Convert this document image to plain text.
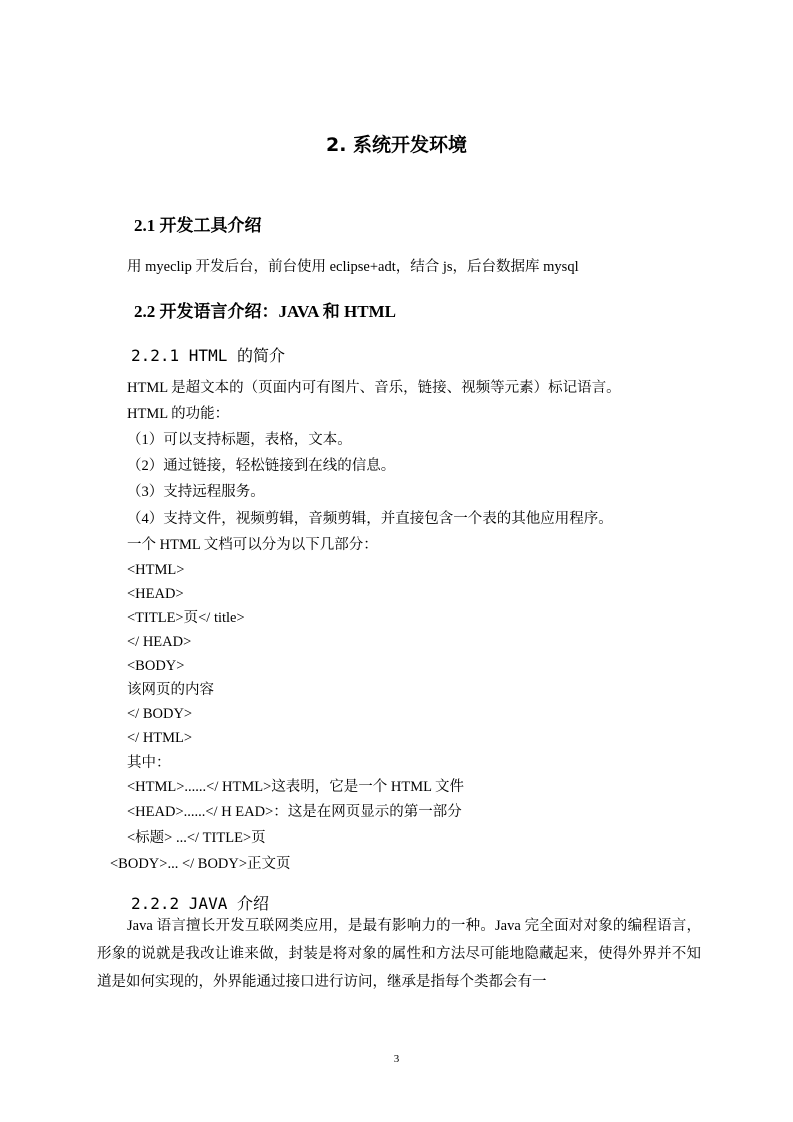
2. 系统开发环境
2.1 开发工具介绍
用 myeclip 开发后台，前台使用 eclipse+adt，结合 js，后台数据库 mysql
2.2 开发语言介绍：JAVA 和 HTML
2.2.1 HTML 的简介
HTML 是超文本的（页面内可有图片、音乐，链接、视频等元素）标记语言。
HTML 的功能：
（1）可以支持标题，表格，文本。
（2）通过链接，轻松链接到在线的信息。
（3）支持远程服务。
（4）支持文件，视频剪辑，音频剪辑，并直接包含一个表的其他应用程序。
一个 HTML 文档可以分为以下几部分：
<HTML>
<HEAD>
<TITLE>页</ title>
</ HEAD>
<BODY>
该网页的内容
</ BODY>
</ HTML>
其中：
<HTML>......</ HTML>这表明，它是一个 HTML 文件
<HEAD>......</ H EAD>：这是在网页显示的第一部分
<标题> ...</ TITLE>页
<BODY>... </ BODY>正文页
2.2.2 JAVA 介绍

Java 语言擅长开发互联网类应用，是最有影响力的一种。Java 完全面对对象的编程语言，形象的说就是我改让谁来做，封装是将对象的属性和方法尽可能地隐藏起来，使得外界并不知道是如何实现的，外界能通过接口进行访问，继承是指每个类都会有一

3
